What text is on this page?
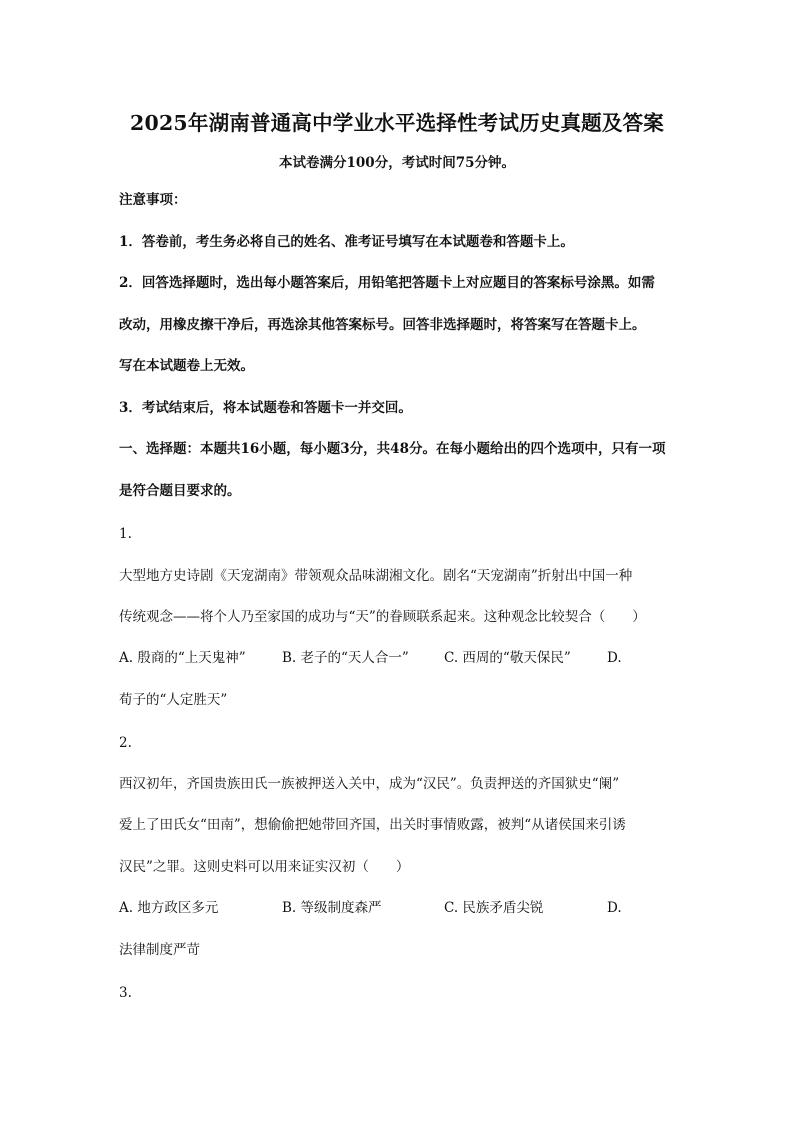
2025年湖南普通高中学业水平选择性考试历史真题及答案
本试卷满分100分，考试时间75分钟。
注意事项：
1．答卷前，考生务必将自己的姓名、准考证号填写在本试题卷和答题卡上。
2．回答选择题时，选出每小题答案后，用铅笔把答题卡上对应题目的答案标号涂黑。如需
改动，用橡皮擦干净后，再选涂其他答案标号。回答非选择题时，将答案写在答题卡上。
写在本试题卷上无效。
3．考试结束后，将本试题卷和答题卡一并交回。
一、选择题：本题共16小题，每小题3分，共48分。在每小题给出的四个选项中，只有一项
是符合题目要求的。
1.
大型地方史诗剧《天宠湖南》带领观众品味湖湘文化。剧名“天宠湖南”折射出中国一种
传统观念——将个人乃至家国的成功与“天”的眷顾联系起来。这种观念比较契合（　　）
A. 殷商的“上天鬼神”	B. 老子的“天人合一”	C. 西周的“敬天保民”	D.
荀子的“人定胜天”
2.
西汉初年，齐国贵族田氏一族被押送入关中，成为“汉民”。负责押送的齐国狱史“阑”
爱上了田氏女“田南”，想偷偷把她带回齐国，出关时事情败露，被判“从诸侯国来引诱
汉民”之罪。这则史料可以用来证实汉初（　　）
A. 地方政区多元	B. 等级制度森严	C. 民族矛盾尖锐	D.
法律制度严苛
3.
